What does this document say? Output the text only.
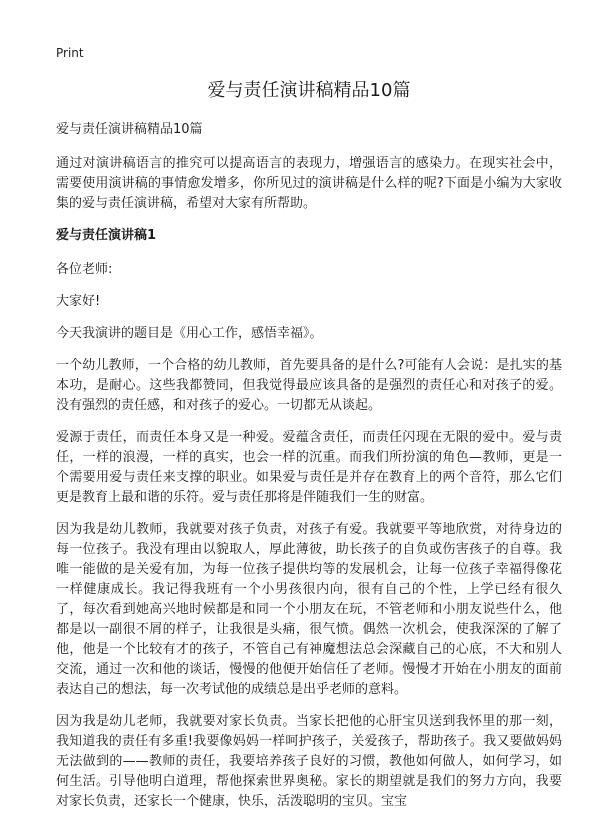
Print
爱与责任演讲稿精品10篇

爱与责任演讲稿精品10篇

通过对演讲稿语言的推究可以提高语言的表现力，增强语言的感染力。在现实社会中，需要使用演讲稿的事情愈发增多，你所见过的演讲稿是什么样的呢?下面是小编为大家收集的爱与责任演讲稿，希望对大家有所帮助。

爱与责任演讲稿1

各位老师:

大家好!

今天我演讲的题目是《用心工作，感悟幸福》。

一个幼儿教师，一个合格的幼儿教师，首先要具备的是什么?可能有人会说：是扎实的基本功，是耐心。这些我都赞同，但我觉得最应该具备的是强烈的责任心和对孩子的爱。没有强烈的责任感，和对孩子的爱心。一切都无从谈起。

爱源于责任，而责任本身又是一种爱。爱蕴含责任，而责任闪现在无限的爱中。爱与责任，一样的浪漫，一样的真实，也会一样的沉重。而我们所扮演的角色—教师，更是一个需要用爱与责任来支撑的职业。如果爱与责任是并存在教育上的两个音符，那么它们更是教育上最和谐的乐符。爱与责任那将是伴随我们一生的财富。

因为我是幼儿教师，我就要对孩子负责，对孩子有爱。我就要平等地欣赏，对待身边的每一位孩子。我没有理由以貌取人，厚此薄彼，助长孩子的自负或伤害孩子的自尊。我唯一能做的是关爱有加，为每一位孩子提供均等的发展机会，让每一位孩子幸福得像花一样健康成长。我记得我班有一个小男孩很内向，很有自己的个性，上学已经有很久了，每次看到她高兴地时候都是和同一个小朋友在玩，不管老师和小朋友说些什么，他都是以一副很不屑的样子，让我很是头痛，很气愤。偶然一次机会，使我深深的了解了他，他是一个比较有才的孩子，不管自己有神魔想法总会深藏自己的心底，不大和别人交流，通过一次和他的谈话，慢慢的他便开始信任了老师。慢慢才开始在小朋友的面前表达自己的想法，每一次考试他的成绩总是出乎老师的意料。

因为我是幼儿老师，我就要对家长负责。当家长把他的心肝宝贝送到我怀里的那一刻，我知道我的责任有多重!我要像妈妈一样呵护孩子，关爱孩子，帮助孩子。我又要做妈妈无法做到的——教师的责任，我要培养孩子良好的习惯，教他如何做人，如何学习，如何生活。引导他明白道理，帮他探索世界奥秘。家长的期望就是我们的努力方向，我要对家长负责，还家长一个健康，快乐，活泼聪明的宝贝。宝宝
